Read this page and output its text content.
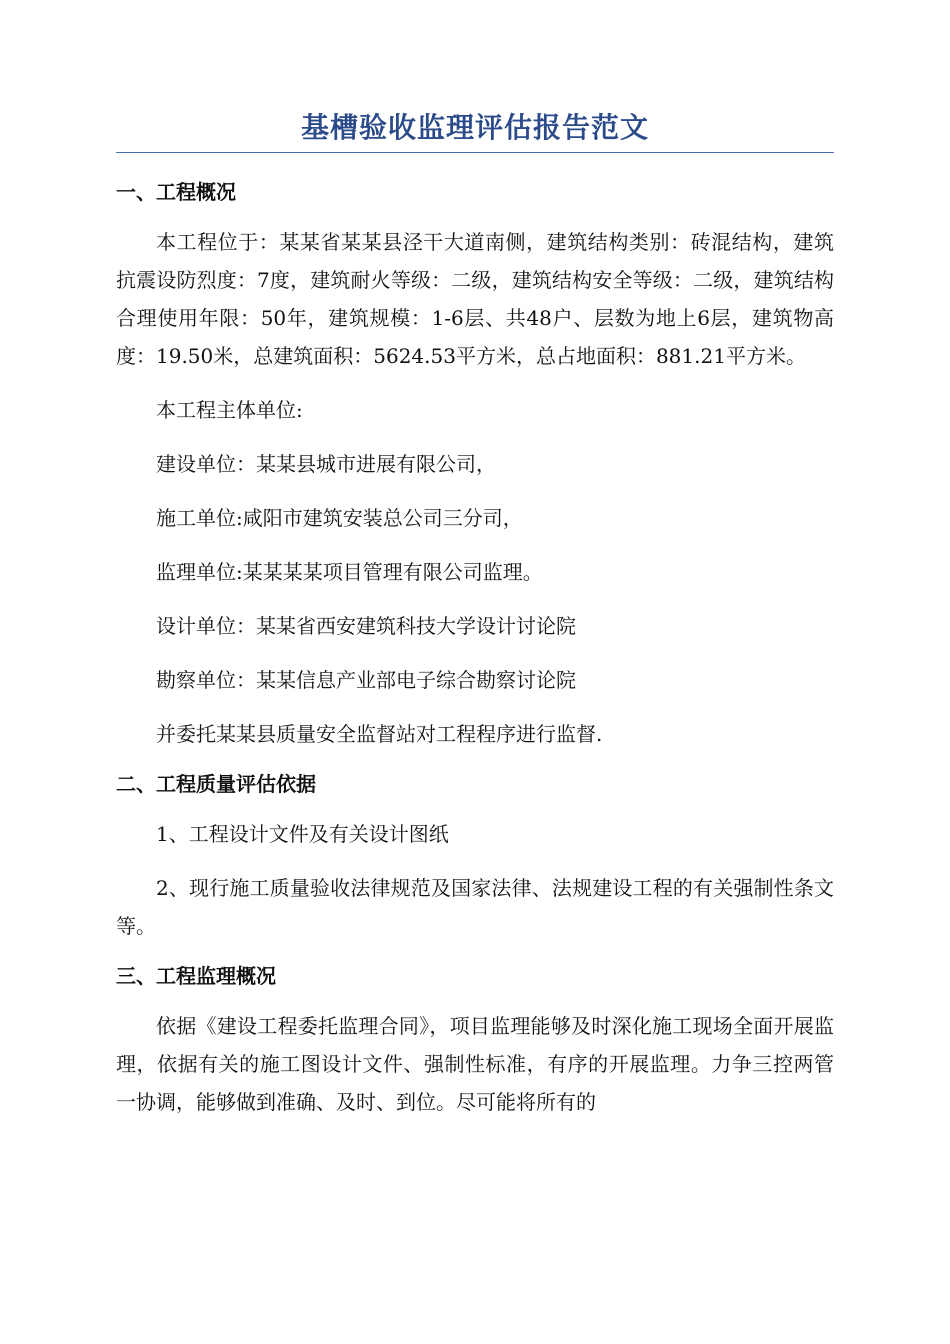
基槽验收监理评估报告范文
一、工程概况

本工程位于：某某省某某县泾干大道南侧，建筑结构类别：砖混结构，建筑抗震设防烈度：7度，建筑耐火等级：二级，建筑结构安全等级：二级，建筑结构合理使用年限：50年，建筑规模：1-6层、共48户、层数为地上6层，建筑物高度：19.50米，总建筑面积：5624.53平方米，总占地面积：881.21平方米。

本工程主体单位:

建设单位：某某县城市进展有限公司，

施工单位:咸阳市建筑安装总公司三分司，

监理单位:某某某某项目管理有限公司监理。

设计单位：某某省西安建筑科技大学设计讨论院

勘察单位：某某信息产业部电子综合勘察讨论院

并委托某某县质量安全监督站对工程程序进行监督.

二、工程质量评估依据

1、工程设计文件及有关设计图纸

2、现行施工质量验收法律规范及国家法律、法规建设工程的有关强制性条文等。

三、工程监理概况

依据《建设工程委托监理合同》，项目监理能够及时深化施工现场全面开展监理，依据有关的施工图设计文件、强制性标准，有序的开展监理。力争三控两管一协调，能够做到准确、及时、到位。尽可能将所有的
